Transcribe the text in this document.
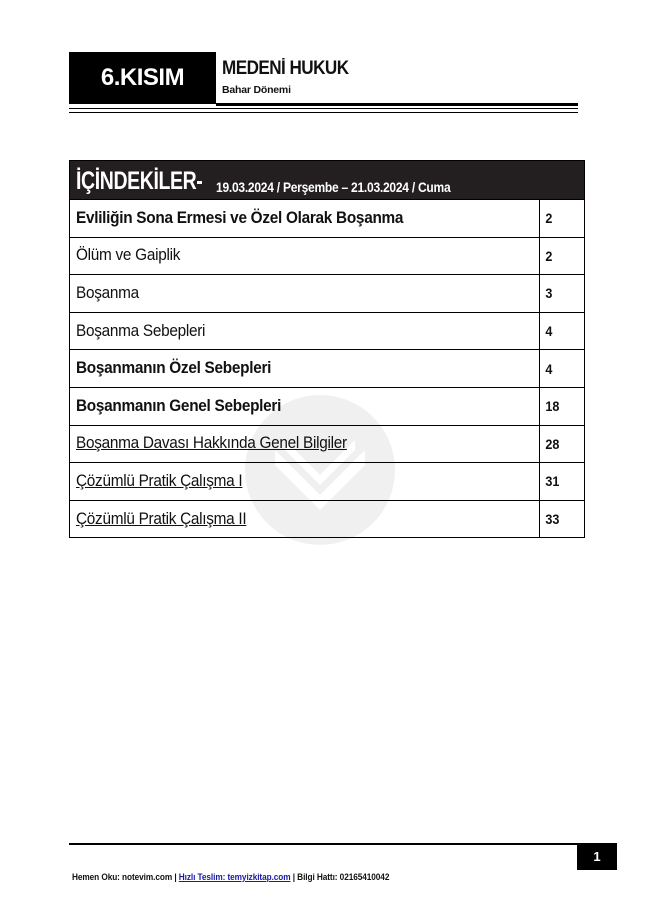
6.KISIM	MEDENİ HUKUK
Bahar Dönemi
İÇİNDEKİLER- 19.03.2024 / Perşembe – 21.03.2024 / Cuma
Evliliğin Sona Ermesi ve Özel Olarak Boşanma	2
Ölüm ve Gaiplik	2
Boşanma	3
Boşanma Sebepleri	4
Boşanmanın Özel Sebepleri	4
Boşanmanın Genel Sebepleri	18
Boşanma Davası Hakkında Genel Bilgiler	28
Çözümlü Pratik Çalışma I	31
Çözümlü Pratik Çalışma II	33
1
Hemen Oku: notevim.com | Hızlı Teslim: temyizkitap.com | Bilgi Hattı: 02165410042
